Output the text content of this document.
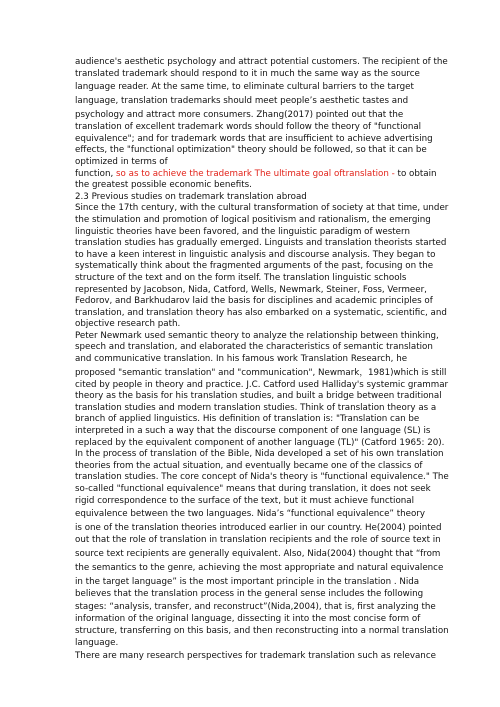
audience's aesthetic psychology and attract potential customers. The recipient of the
translated trademark should respond to it in much the same way as the source
language reader. At the same time, to eliminate cultural barriers to the target
language, translation trademarks should meet people’s aesthetic tastes and
psychology and attract more consumers. Zhang(2017) pointed out that the
translation of excellent trademark words should follow the theory of "functional
equivalence"; and for trademark words that are insufficient to achieve advertising
effects, the "functional optimization" theory should be followed, so that it can be
optimized in terms of
function, so as to achieve the trademark The ultimate goal oftranslation - to obtain
the greatest possible economic benefits.

2.3 Previous studies on trademark translation abroad

Since the 17th century, with the cultural transformation of society at that time, under
the stimulation and promotion of logical positivism and rationalism, the emerging
linguistic theories have been favored, and the linguistic paradigm of western
translation studies has gradually emerged. Linguists and translation theorists started
to have a keen interest in linguistic analysis and discourse analysis. They began to
systematically think about the fragmented arguments of the past, focusing on the
structure of the text and on the form itself. The translation linguistic schools
represented by Jacobson, Nida, Catford, Wells, Newmark, Steiner, Foss, Vermeer,
Fedorov, and Barkhudarov laid the basis for disciplines and academic principles of
translation, and translation theory has also embarked on a systematic, scientific, and
objective research path.

Peter Newmark used semantic theory to analyze the relationship between thinking,
speech and translation, and elaborated the characteristics of semantic translation
and communicative translation. In his famous work Translation Research, he
proposed "semantic translation" and "communication", Newmark，1981)which is still
cited by people in theory and practice. J.C. Catford used Halliday's systemic grammar
theory as the basis for his translation studies, and built a bridge between traditional
translation studies and modern translation studies. Think of translation theory as a
branch of applied linguistics. His definition of translation is: "Translation can be
interpreted in a such a way that the discourse component of one language (SL) is
replaced by the equivalent component of another language (TL)" (Catford 1965: 20).
In the process of translation of the Bible, Nida developed a set of his own translation
theories from the actual situation, and eventually became one of the classics of
translation studies. The core concept of Nida's theory is "functional equivalence." The
so-called "functional equivalence" means that during translation, it does not seek
rigid correspondence to the surface of the text, but it must achieve functional
equivalence between the two languages. Nida’s “functional equivalence” theory
is one of the translation theories introduced earlier in our country. He(2004) pointed
out that the role of translation in translation recipients and the role of source text in
source text recipients are generally equivalent. Also, Nida(2004) thought that “from
the semantics to the genre, achieving the most appropriate and natural equivalence
in the target language” is the most important principle in the translation . Nida
believes that the translation process in the general sense includes the following
stages: “analysis, transfer, and reconstruct”(Nida,2004), that is, first analyzing the
information of the original language, dissecting it into the most concise form of
structure, transferring on this basis, and then reconstructing into a normal translation
language.

There are many research perspectives for trademark translation such as relevance
